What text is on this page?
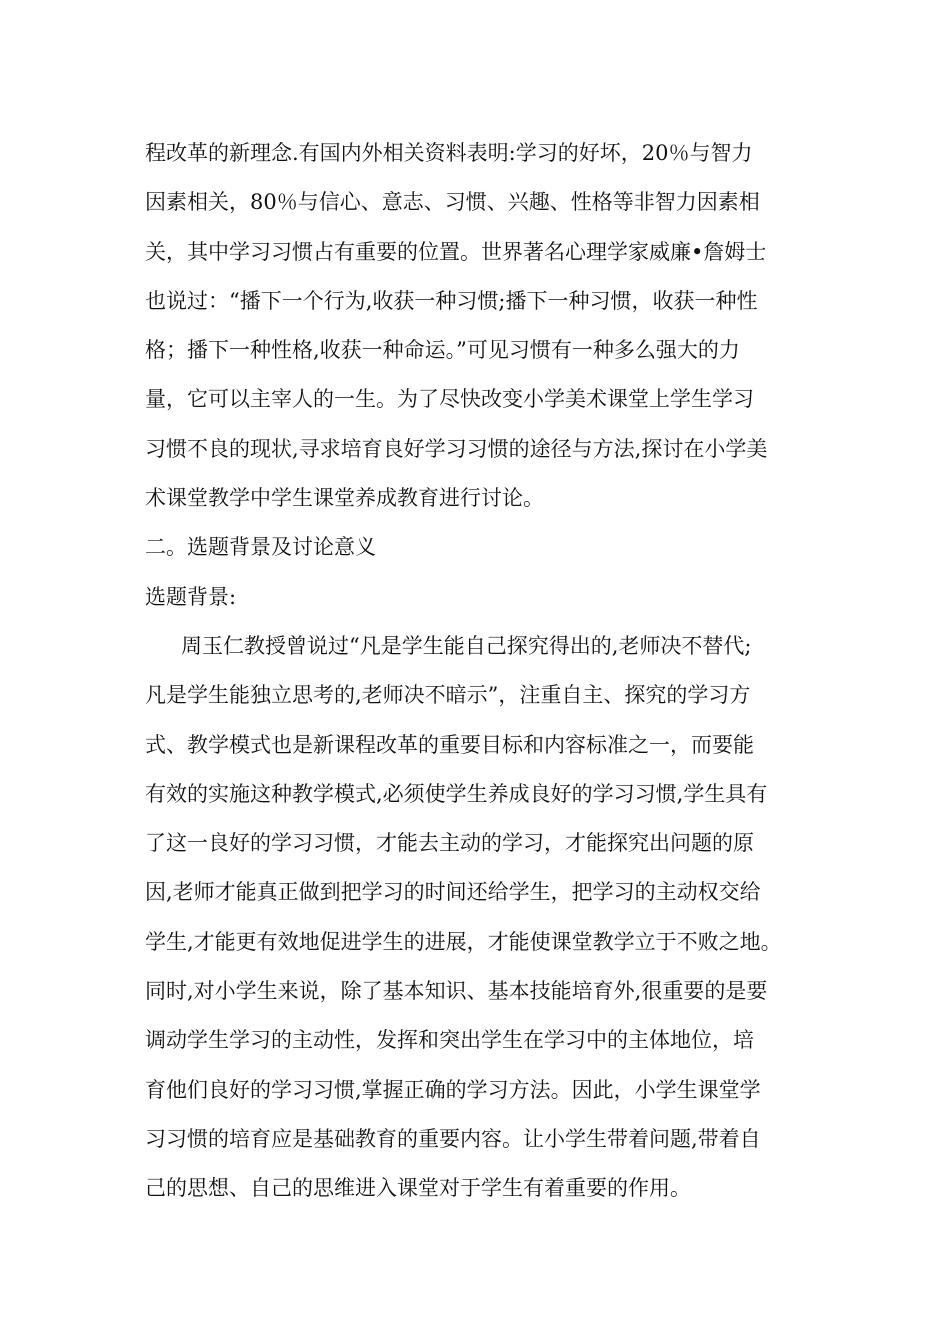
程改革的新理念.有国内外相关资料表明:学习的好坏，20％与智力
因素相关，80％与信心、意志、习惯、兴趣、性格等非智力因素相
关，其中学习习惯占有重要的位置。世界著名心理学家威廉•詹姆士
也说过：“播下一个行为,收获一种习惯;播下一种习惯，收获一种性
格；播下一种性格,收获一种命运。”可见习惯有一种多么强大的力
量，它可以主宰人的一生。为了尽快改变小学美术课堂上学生学习
习惯不良的现状,寻求培育良好学习习惯的途径与方法,探讨在小学美
术课堂教学中学生课堂养成教育进行讨论。
二。选题背景及讨论意义
选题背景:
周玉仁教授曾说过“凡是学生能自己探究得出的,老师决不替代;
凡是学生能独立思考的,老师决不暗示”，注重自主、探究的学习方
式、教学模式也是新课程改革的重要目标和内容标准之一，而要能
有效的实施这种教学模式,必须使学生养成良好的学习习惯,学生具有
了这一良好的学习习惯，才能去主动的学习，才能探究出问题的原
因,老师才能真正做到把学习的时间还给学生，把学习的主动权交给
学生,才能更有效地促进学生的进展，才能使课堂教学立于不败之地。
同时,对小学生来说，除了基本知识、基本技能培育外,很重要的是要
调动学生学习的主动性，发挥和突出学生在学习中的主体地位，培
育他们良好的学习习惯,掌握正确的学习方法。因此，小学生课堂学
习习惯的培育应是基础教育的重要内容。让小学生带着问题,带着自
己的思想、自己的思维进入课堂对于学生有着重要的作用。
